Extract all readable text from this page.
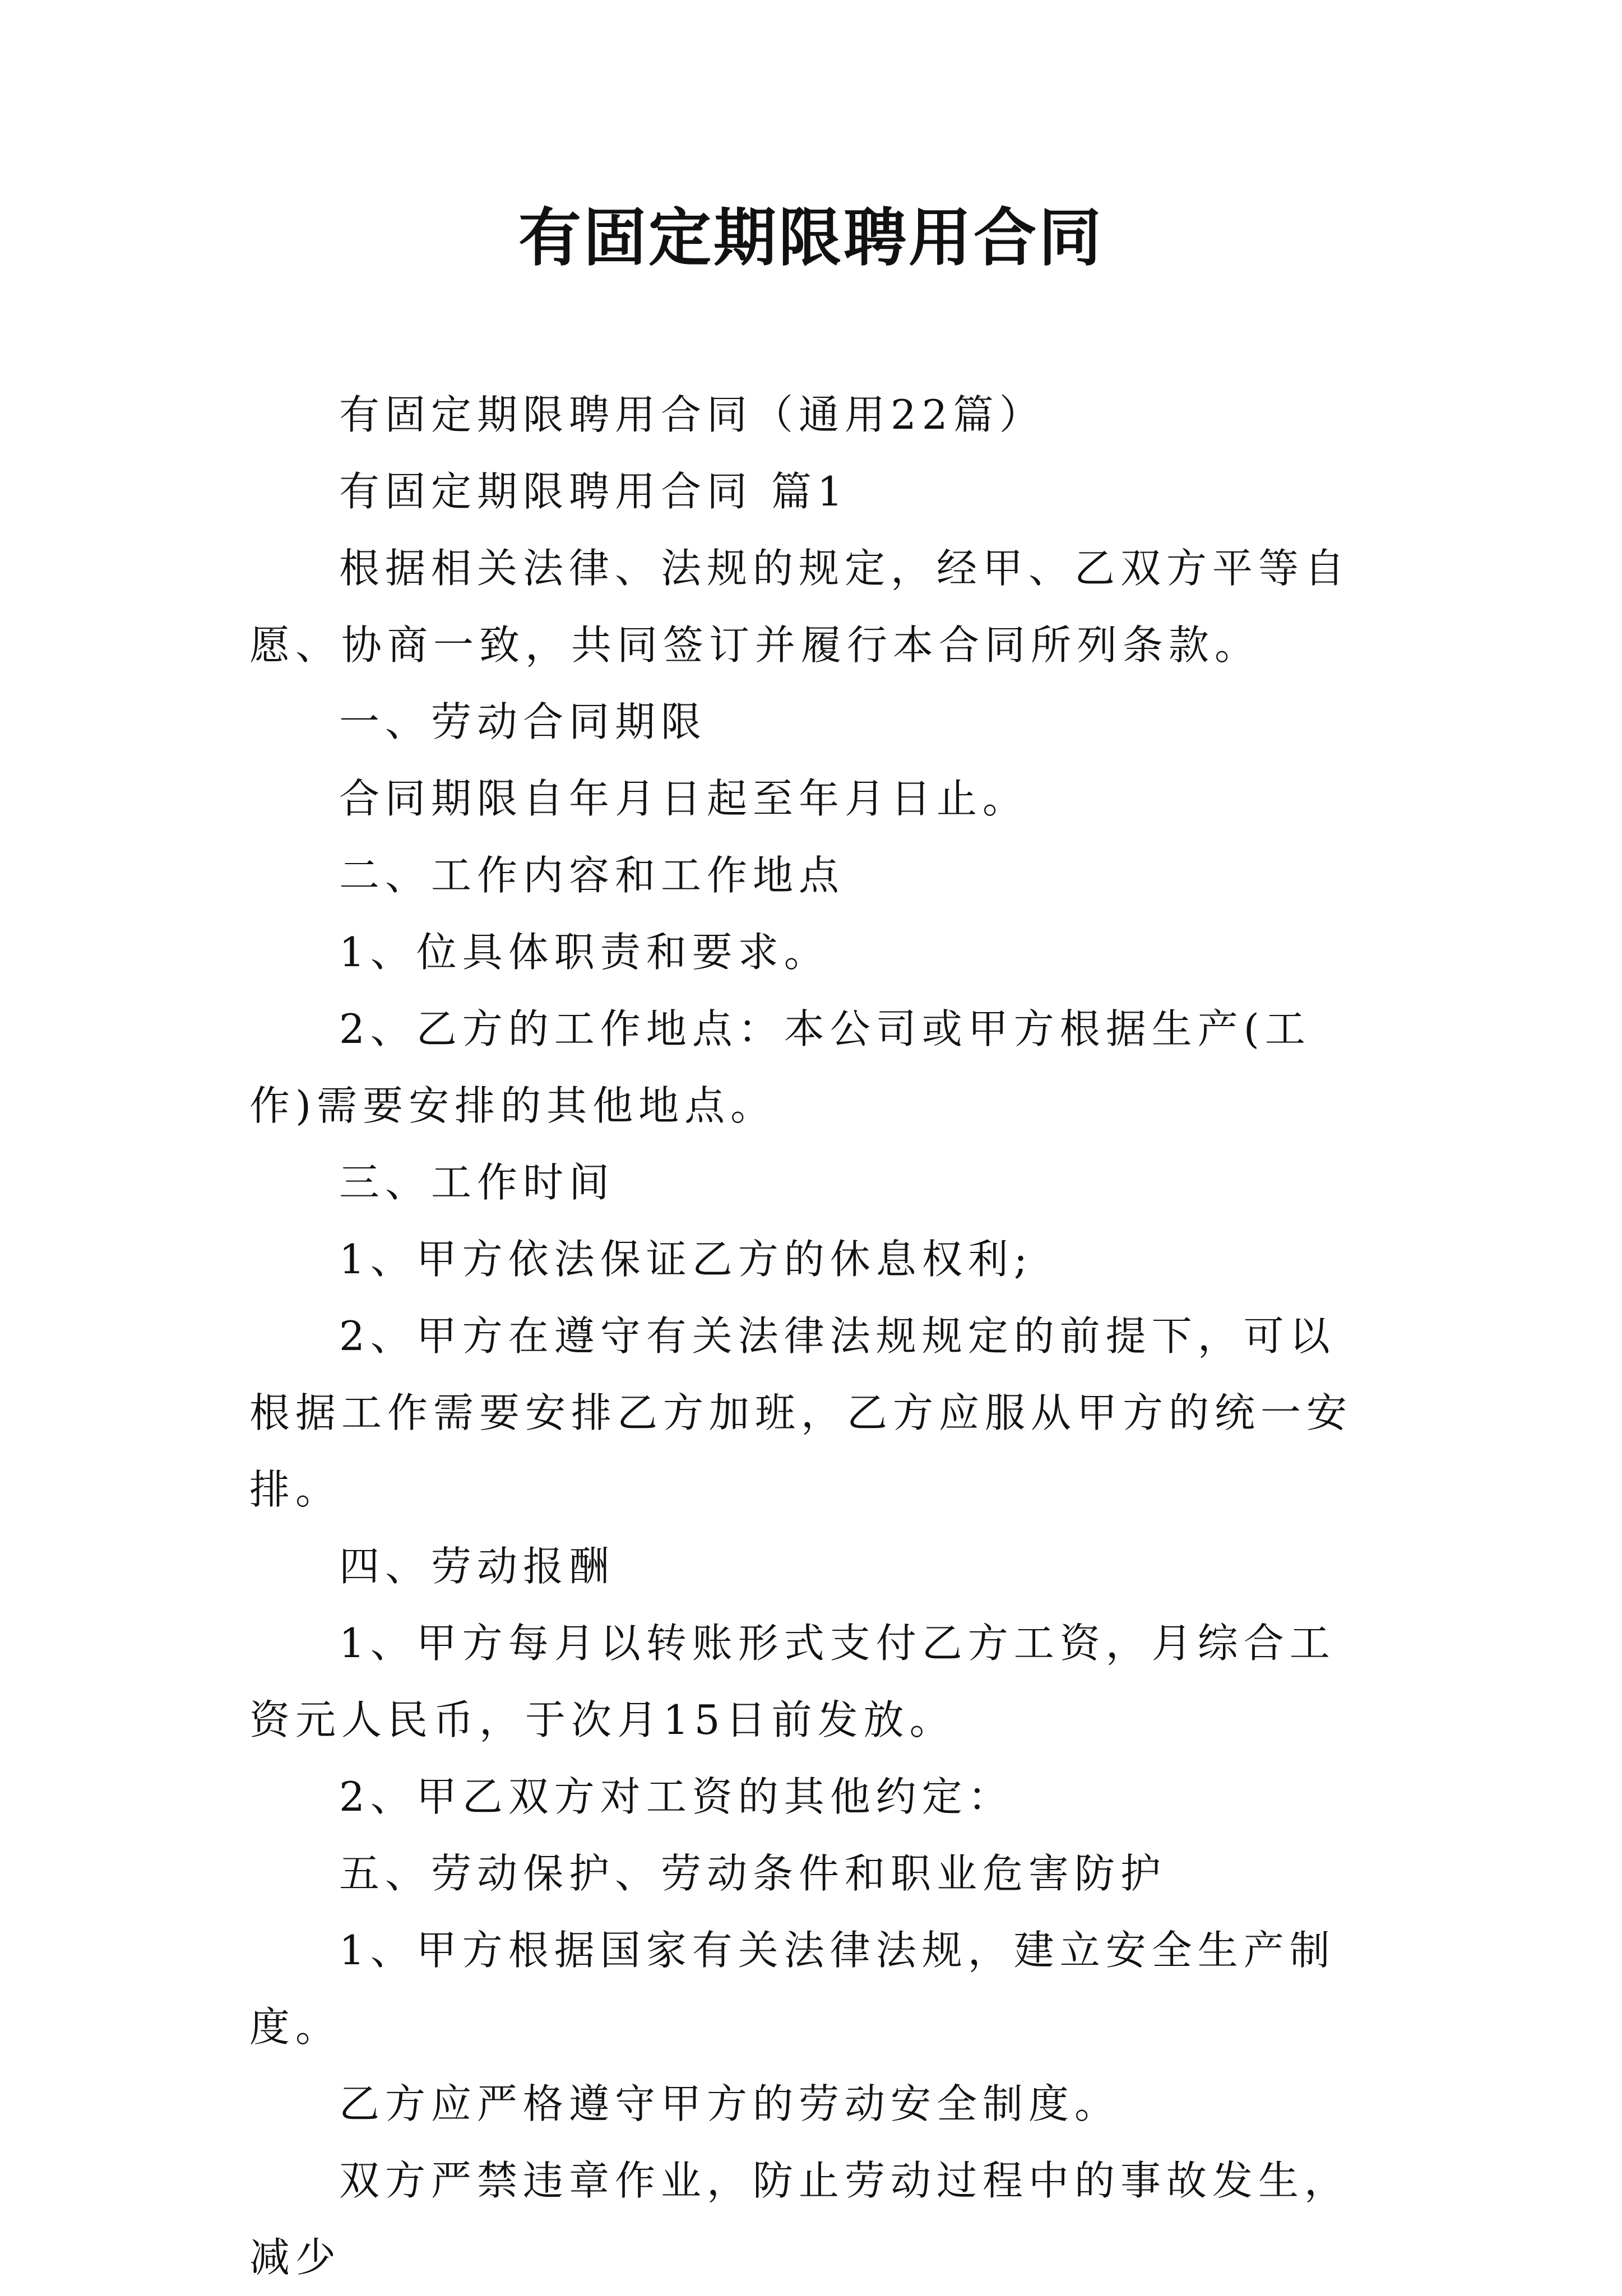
有固定期限聘用合同

有固定期限聘用合同（通用22篇）

有固定期限聘用合同 篇1

根据相关法律、法规的规定，经甲、乙双方平等自愿、协商一致，共同签订并履行本合同所列条款。

一、劳动合同期限

合同期限自年月日起至年月日止。

二、工作内容和工作地点

1、位具体职责和要求。

2、乙方的工作地点：本公司或甲方根据生产(工作)需要安排的其他地点。

三、工作时间

1、甲方依法保证乙方的休息权利;

2、甲方在遵守有关法律法规规定的前提下，可以根据工作需要安排乙方加班，乙方应服从甲方的统一安排。

四、劳动报酬

1、甲方每月以转账形式支付乙方工资，月综合工资元人民币，于次月15日前发放。

2、甲乙双方对工资的其他约定：

五、劳动保护、劳动条件和职业危害防护

1、甲方根据国家有关法律法规，建立安全生产制度。

乙方应严格遵守甲方的劳动安全制度。

双方严禁违章作业，防止劳动过程中的事故发生，减少
